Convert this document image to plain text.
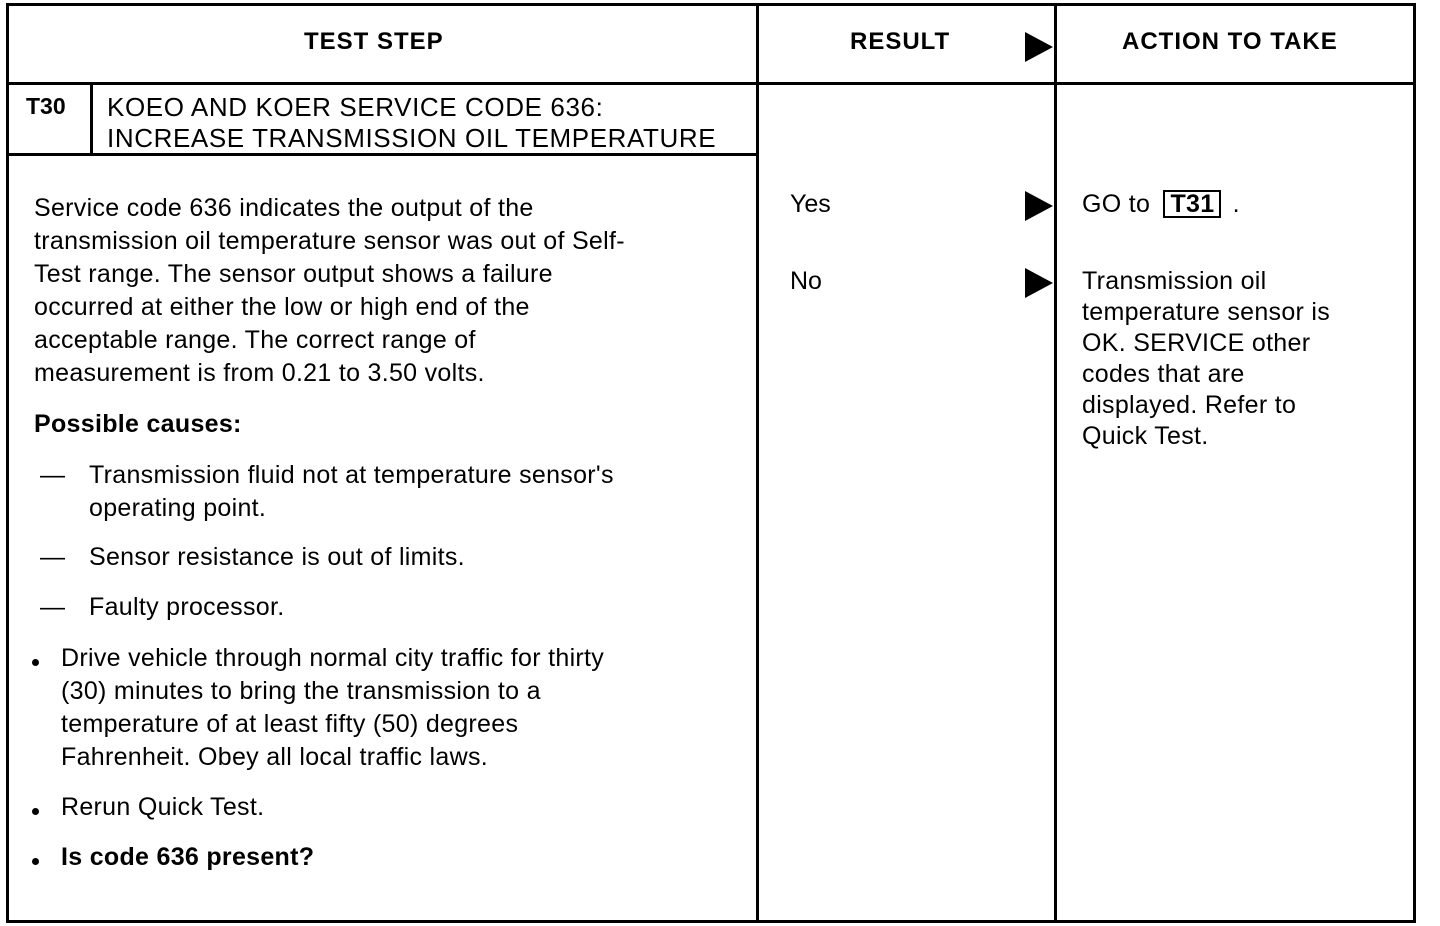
TEST STEP	RESULT	ACTION TO TAKE
T30 KOEO AND KOER SERVICE CODE 636:
INCREASE TRANSMISSION OIL TEMPERATURE
Service code 636 indicates the output of the
transmission oil temperature sensor was out of Self-
Test range. The sensor output shows a failure
occurred at either the low or high end of the
acceptable range. The correct range of
measurement is from 0.21 to 3.50 volts.
Possible causes:
— Transmission fluid not at temperature sensor's
operating point.
— Sensor resistance is out of limits.
— Faulty processor.
Drive vehicle through normal city traffic for thirty
(30) minutes to bring the transmission to a
temperature of at least fifty (50) degrees
Fahrenheit. Obey all local traffic laws.
Rerun Quick Test.
Is code 636 present?
Yes
No
GO to T31 .
Transmission oil
temperature sensor is
OK. SERVICE other
codes that are
displayed. Refer to
Quick Test.
